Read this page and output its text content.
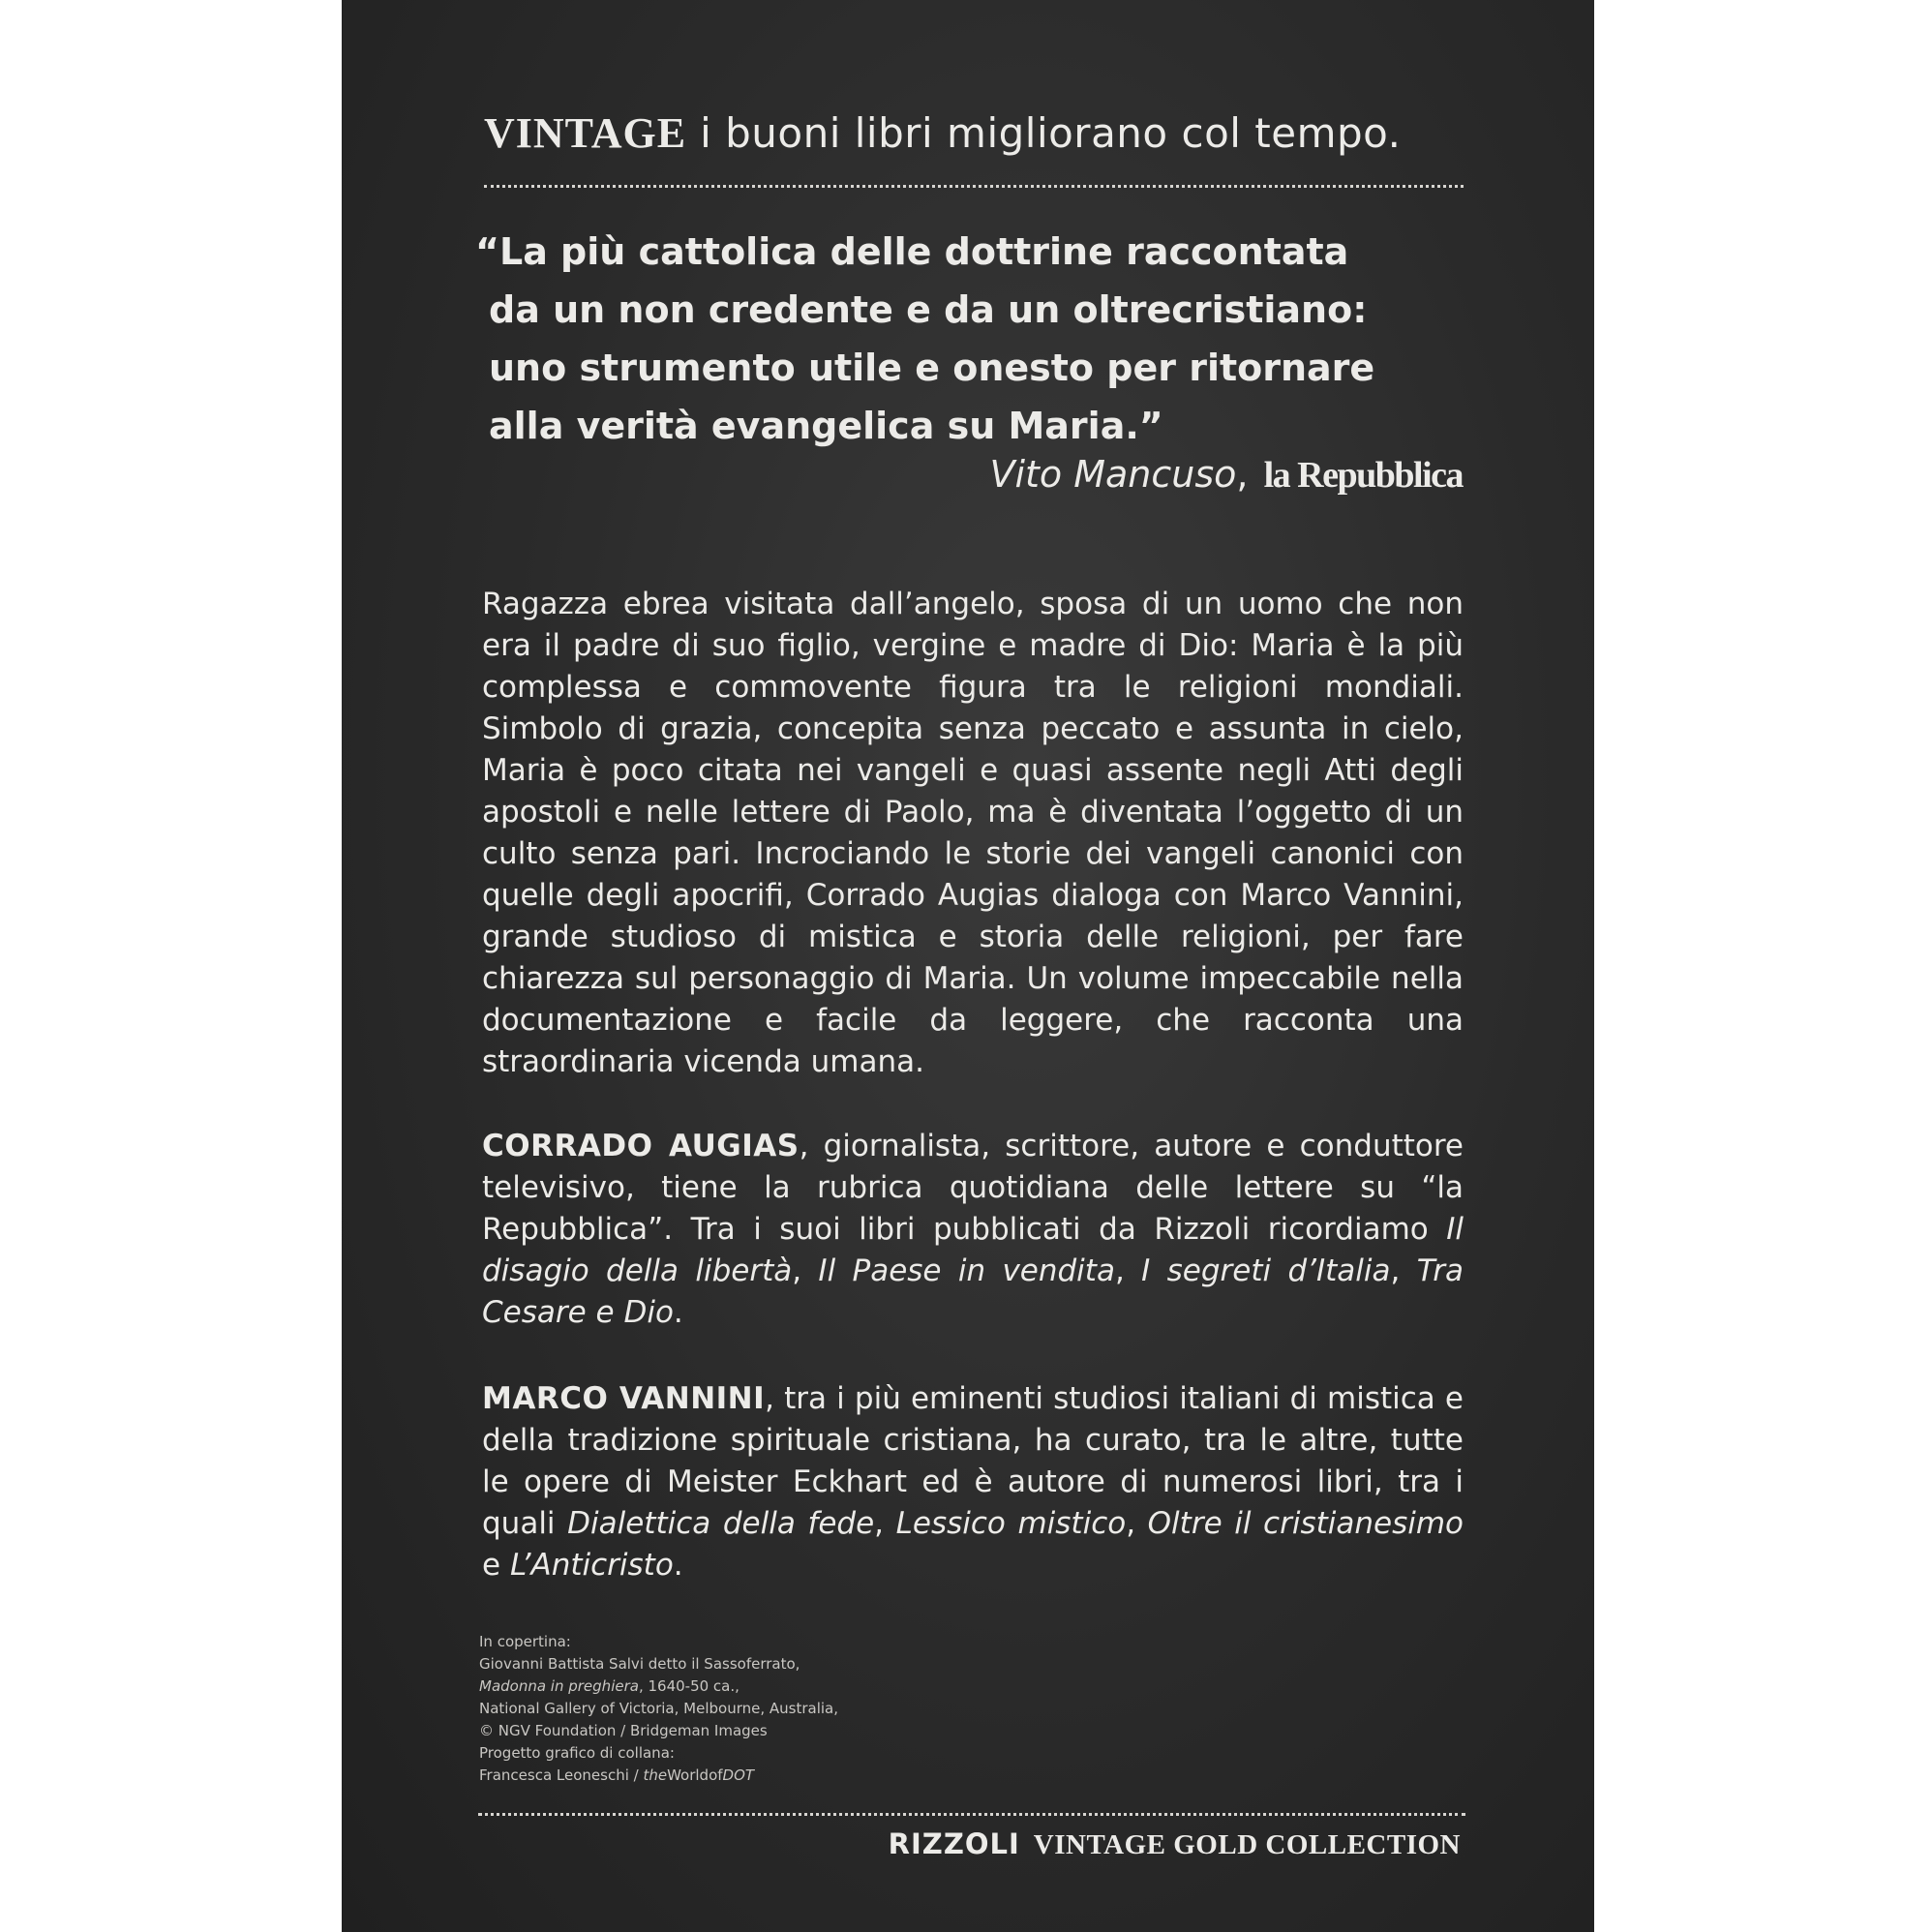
VINTAGE i buoni libri migliorano col tempo.
“La più cattolica delle dottrine raccontata
da un non credente e da un oltrecristiano:
uno strumento utile e onesto per ritornare
alla verità evangelica su Maria.”
Vito Mancuso, la Repubblica
Ragazza ebrea visitata dall’angelo, sposa di un uomo che non era il padre di suo figlio, vergine e madre di Dio: Maria è la più complessa e commovente figura tra le religioni mondiali. Simbolo di grazia, concepita senza peccato e assunta in cielo, Maria è poco citata nei vangeli e quasi assente negli Atti degli apostoli e nelle lettere di Paolo, ma è diventata l’oggetto di un culto senza pari. Incrociando le storie dei vangeli canonici con quelle degli apocrifi, Corrado Augias dialoga con Marco Vannini, grande studioso di mistica e storia delle religioni, per fare chiarezza sul personaggio di Maria. Un volume impeccabile nella documentazione e facile da leggere, che racconta una straordinaria vicenda umana.
CORRADO AUGIAS, giornalista, scrittore, autore e conduttore televisivo, tiene la rubrica quotidiana delle lettere su “la Repubblica”. Tra i suoi libri pubblicati da Rizzoli ricordiamo Il disagio della libertà, Il Paese in vendita, I segreti d’Italia, Tra Cesare e Dio.
MARCO VANNINI, tra i più eminenti studiosi italiani di mistica e della tradizione spirituale cristiana, ha curato, tra le altre, tutte le opere di Meister Eckhart ed è autore di numerosi libri, tra i quali Dialettica della fede, Lessico mistico, Oltre il cristianesimo e L’Anticristo.
In copertina:
Giovanni Battista Salvi detto il Sassoferrato,
Madonna in preghiera, 1640-50 ca.,
National Gallery of Victoria, Melbourne, Australia,
© NGV Foundation / Bridgeman Images
Progetto grafico di collana:
Francesca Leoneschi / theWorldofDOT
RIZZOLI VINTAGE GOLD COLLECTION
